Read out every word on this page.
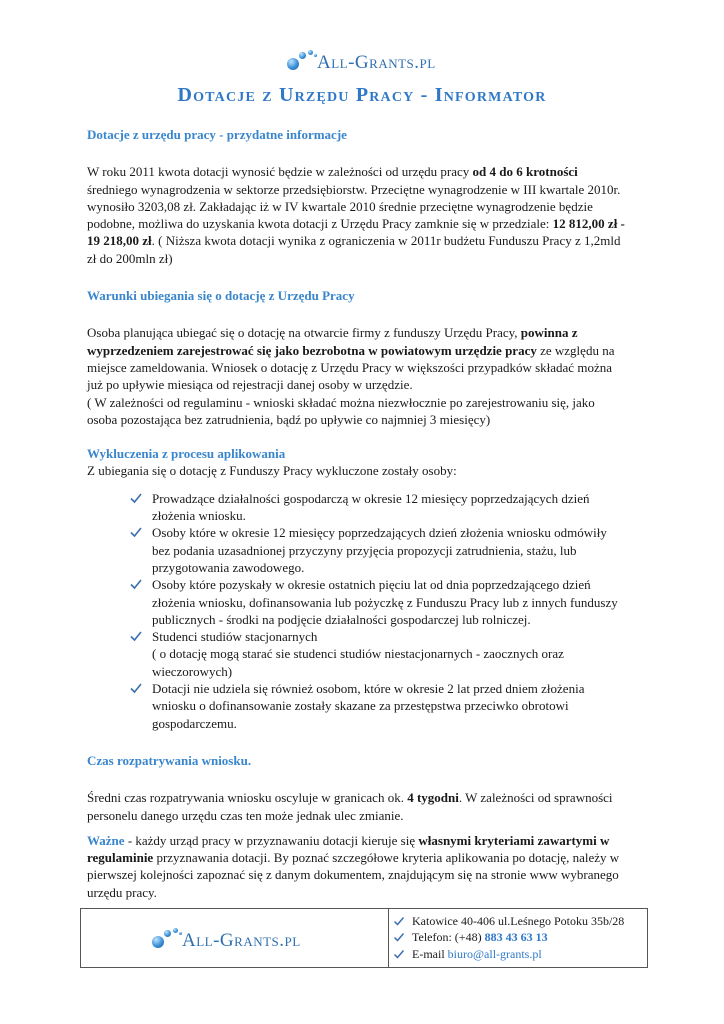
All-Grants.pl
Dotacje z Urzędu Pracy - Informator

Dotacje z urzędu pracy - przydatne informacje

W roku 2011 kwota dotacji wynosić będzie w zależności od urzędu pracy od 4 do 6 krotności średniego wynagrodzenia w sektorze przedsiębiorstw. Przeciętne wynagrodzenie w III kwartale 2010r. wynosiło 3203,08 zł. Zakładając iż w IV kwartale 2010 średnie przeciętne wynagrodzenie będzie podobne, możliwa do uzyskania kwota dotacji z Urzędu Pracy zamknie się w przedziale: 12 812,00 zł - 19 218,00 zł. ( Niższa kwota dotacji wynika z ograniczenia w 2011r budżetu Funduszu Pracy z 1,2mld zł do 200mln zł)

Warunki ubiegania się o dotację z Urzędu Pracy

Osoba planująca ubiegać się o dotację na otwarcie firmy z funduszy Urzędu Pracy, powinna z wyprzedzeniem zarejestrować się jako bezrobotna w powiatowym urzędzie pracy ze względu na miejsce zameldowania. Wniosek o dotację z Urzędu Pracy w większości przypadków składać można już po upływie miesiąca od rejestracji danej osoby w urzędzie.

( W zależności od regulaminu - wnioski składać można niezwłocznie po zarejestrowaniu się, jako osoba pozostająca bez zatrudnienia, bądź po upływie co najmniej 3 miesięcy)

Wykluczenia z procesu aplikowania

Z ubiegania się o dotację z Funduszy Pracy wykluczone zostały osoby:

Prowadzące działalności gospodarczą w okresie 12 miesięcy poprzedzających dzień złożenia wniosku.
Osoby które w okresie 12 miesięcy poprzedzających dzień złożenia wniosku odmówiły bez podania uzasadnionej przyczyny przyjęcia propozycji zatrudnienia, stażu, lub przygotowania zawodowego.
Osoby które pozyskały w okresie ostatnich pięciu lat od dnia poprzedzającego dzień złożenia wniosku, dofinansowania lub pożyczkę z Funduszu Pracy lub z innych funduszy publicznych - środki na podjęcie działalności gospodarczej lub rolniczej.
Studenci studiów stacjonarnych
( o dotację mogą starać sie studenci studiów niestacjonarnych - zaocznych oraz wieczorowych)
Dotacji nie udziela się również osobom, które w okresie 2 lat przed dniem złożenia wniosku o dofinansowanie zostały skazane za przestępstwa przeciwko obrotowi gospodarczemu.

Czas rozpatrywania wniosku.

Średni czas rozpatrywania wniosku oscyluje w granicach ok. 4 tygodni. W zależności od sprawności personelu danego urzędu czas ten może jednak ulec zmianie.

Ważne - każdy urząd pracy w przyznawaniu dotacji kieruje się własnymi kryteriami zawartymi w regulaminie przyznawania dotacji. By poznać szczegółowe kryteria aplikowania po dotację, należy w pierwszej kolejności zapoznać się z danym dokumentem, znajdującym się na stronie www wybranego urzędu pracy.

Katowice 40-406 ul.Leśnego Potoku 35b/28
Telefon: (+48) 883 43 63 13
E-mail biuro@all-grants.pl
All-Grants.pl
